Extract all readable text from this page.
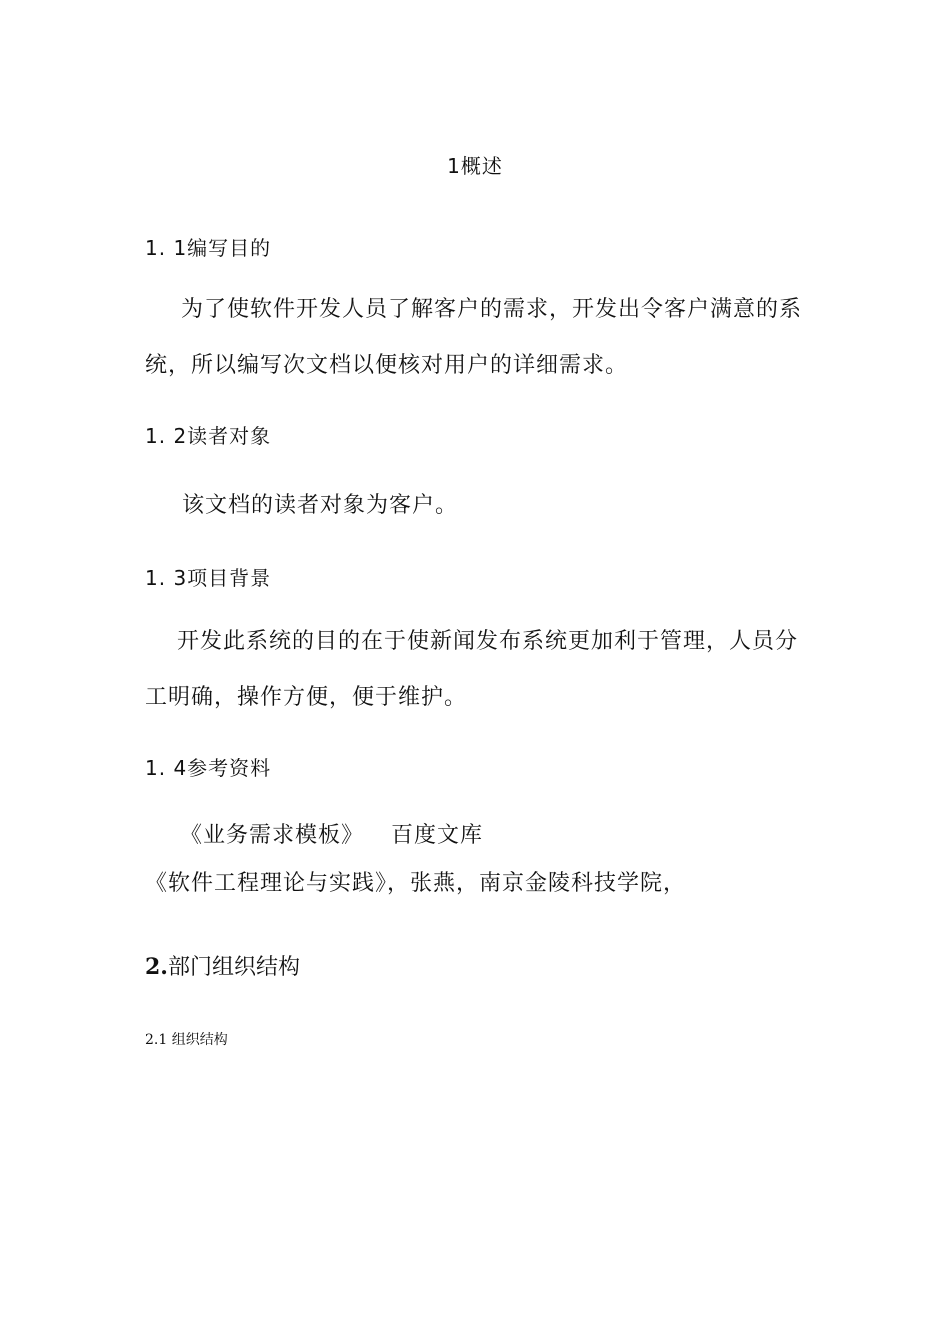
1概述
1. 1编写目的
为了使软件开发人员了解客户的需求，开发出令客户满意的系统，所以编写次文档以便核对用户的详细需求。
1. 2读者对象
该文档的读者对象为客户。
1. 3项目背景
开发此系统的目的在于使新闻发布系统更加利于管理，人员分工明确，操作方便，便于维护。
1. 4参考资料
《业务需求模板》 百度文库
《软件工程理论与实践》，张燕，南京金陵科技学院，
2.部门组织结构
2.1 组织结构
